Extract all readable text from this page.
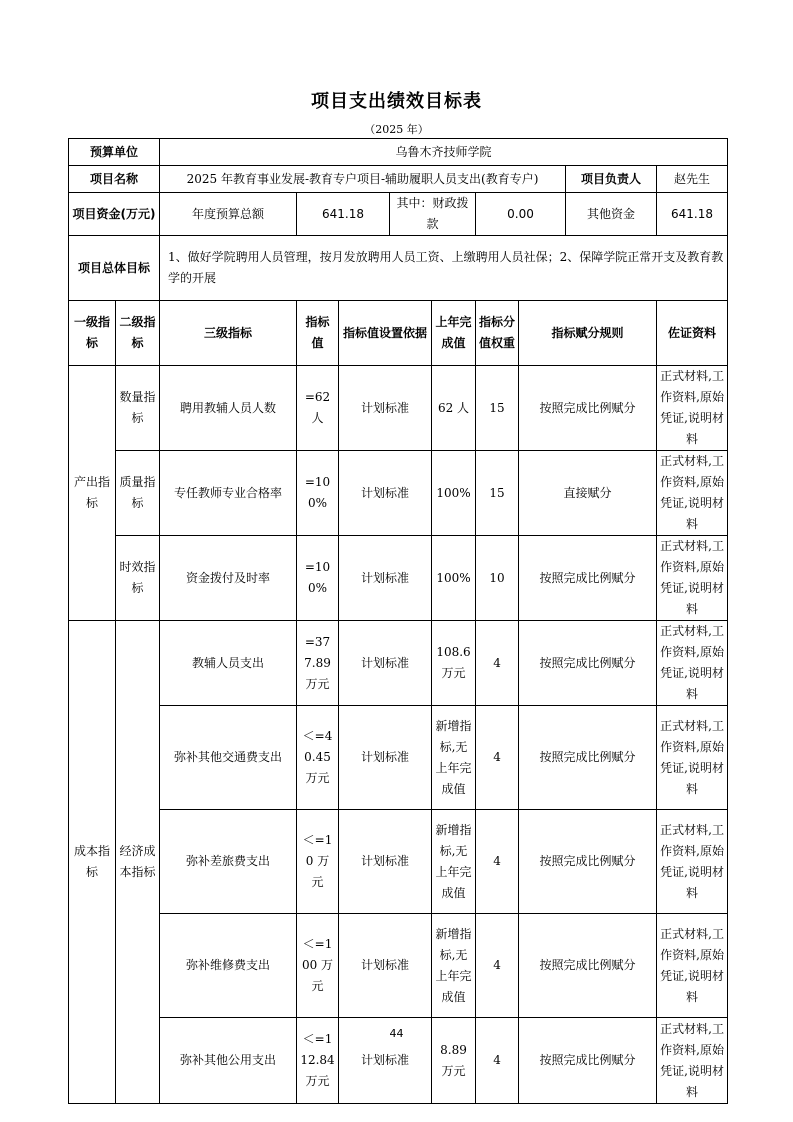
项目支出绩效目标表
（2025 年）
预算单位		乌鲁木齐技师学院								
项目名称		2025 年教育事业发展-教育专户项目-辅助履职人员支出(教育专户)							项目负责人	赵先生
项目资金(万元)		年度预算总额	641.18		其中：财政拨款		0.00		其他资金	641.18
项目总体目标		1、做好学院聘用人员管理，按月发放聘用人员工资、上缴聘用人员社保；2、保障学院正常开支及教育教学的开展								
一级指标	二级指标	三级指标	指标值	指标值设置依据		上年完成值	指标分值权重	指标赋分规则		佐证资料
产出指标	数量指标	聘用教辅人员人数	=62 人	计划标准		62 人	15	按照完成比例赋分		正式材料,工作资料,原始凭证,说明材料
	质量指标	专任教师专业合格率	=100%	计划标准		100%	15	直接赋分		正式材料,工作资料,原始凭证,说明材料
	时效指标	资金拨付及时率	=100%	计划标准		100%	10	按照完成比例赋分		正式材料,工作资料,原始凭证,说明材料
成本指标	经济成本指标	教辅人员支出	=377.89 万元	计划标准		108.6 万元	4	按照完成比例赋分		正式材料,工作资料,原始凭证,说明材料
		弥补其他交通费支出	＜=40.45 万元	计划标准		新增指标,无上年完成值	4	按照完成比例赋分		正式材料,工作资料,原始凭证,说明材料
		弥补差旅费支出	＜=10 万元	计划标准		新增指标,无上年完成值	4	按照完成比例赋分		正式材料,工作资料,原始凭证,说明材料
		弥补维修费支出	＜=100 万元	计划标准		新增指标,无上年完成值	4	按照完成比例赋分		正式材料,工作资料,原始凭证,说明材料
		弥补其他公用支出	＜=112.84 万元	计划标准		8.89 万元	4	按照完成比例赋分		正式材料,工作资料,原始凭证,说明材料
44
